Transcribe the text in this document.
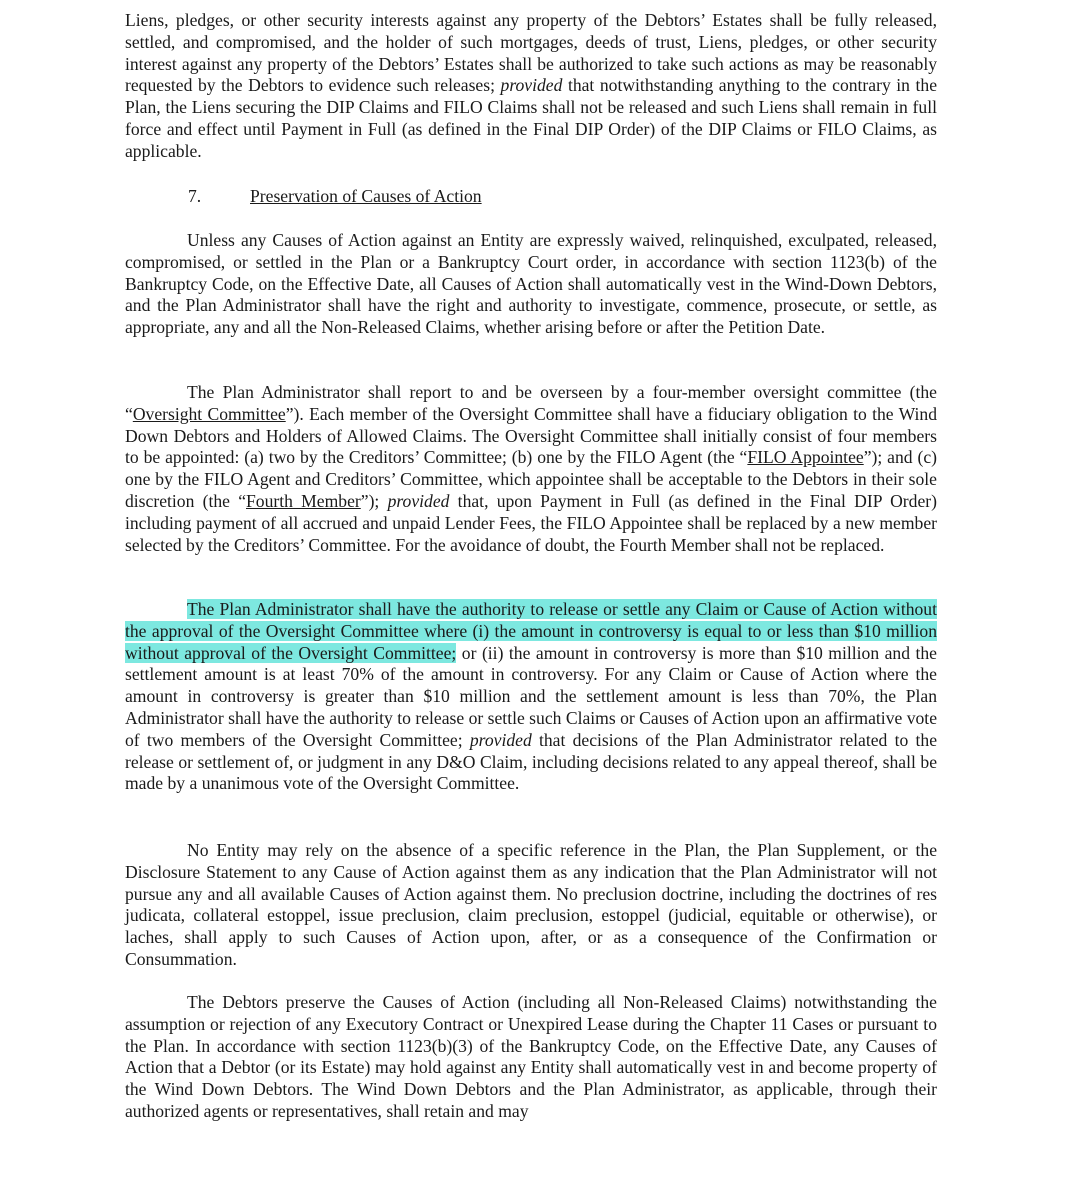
Liens, pledges, or other security interests against any property of the Debtors’ Estates shall be fully released, settled, and compromised, and the holder of such mortgages, deeds of trust, Liens, pledges, or other security interest against any property of the Debtors’ Estates shall be authorized to take such actions as may be reasonably requested by the Debtors to evidence such releases; provided that notwithstanding anything to the contrary in the Plan, the Liens securing the DIP Claims and FILO Claims shall not be released and such Liens shall remain in full force and effect until Payment in Full (as defined in the Final DIP Order) of the DIP Claims or FILO Claims, as applicable.

7.	Preservation of Causes of Action

Unless any Causes of Action against an Entity are expressly waived, relinquished, exculpated, released, compromised, or settled in the Plan or a Bankruptcy Court order, in accordance with section 1123(b) of the Bankruptcy Code, on the Effective Date, all Causes of Action shall automatically vest in the Wind-Down Debtors, and the Plan Administrator shall have the right and authority to investigate, commence, prosecute, or settle, as appropriate, any and all the Non-Released Claims, whether arising before or after the Petition Date.

The Plan Administrator shall report to and be overseen by a four-member oversight committee (the “Oversight Committee”). Each member of the Oversight Committee shall have a fiduciary obligation to the Wind Down Debtors and Holders of Allowed Claims. The Oversight Committee shall initially consist of four members to be appointed: (a) two by the Creditors’ Committee; (b) one by the FILO Agent (the “FILO Appointee”); and (c) one by the FILO Agent and Creditors’ Committee, which appointee shall be acceptable to the Debtors in their sole discretion (the “Fourth Member”); provided that, upon Payment in Full (as defined in the Final DIP Order) including payment of all accrued and unpaid Lender Fees, the FILO Appointee shall be replaced by a new member selected by the Creditors’ Committee. For the avoidance of doubt, the Fourth Member shall not be replaced.

The Plan Administrator shall have the authority to release or settle any Claim or Cause of Action without the approval of the Oversight Committee where (i) the amount in controversy is equal to or less than $10 million without approval of the Oversight Committee; or (ii) the amount in controversy is more than $10 million and the settlement amount is at least 70% of the amount in controversy. For any Claim or Cause of Action where the amount in controversy is greater than $10 million and the settlement amount is less than 70%, the Plan Administrator shall have the authority to release or settle such Claims or Causes of Action upon an affirmative vote of two members of the Oversight Committee; provided that decisions of the Plan Administrator related to the release or settlement of, or judgment in any D&O Claim, including decisions related to any appeal thereof, shall be made by a unanimous vote of the Oversight Committee.

No Entity may rely on the absence of a specific reference in the Plan, the Plan Supplement, or the Disclosure Statement to any Cause of Action against them as any indication that the Plan Administrator will not pursue any and all available Causes of Action against them. No preclusion doctrine, including the doctrines of res judicata, collateral estoppel, issue preclusion, claim preclusion, estoppel (judicial, equitable or otherwise), or laches, shall apply to such Causes of Action upon, after, or as a consequence of the Confirmation or Consummation.

The Debtors preserve the Causes of Action (including all Non-Released Claims) notwithstanding the assumption or rejection of any Executory Contract or Unexpired Lease during the Chapter 11 Cases or pursuant to the Plan. In accordance with section 1123(b)(3) of the Bankruptcy Code, on the Effective Date, any Causes of Action that a Debtor (or its Estate) may hold against any Entity shall automatically vest in and become property of the Wind Down Debtors. The Wind Down Debtors and the Plan Administrator, as applicable, through their authorized agents or representatives, shall retain and may
